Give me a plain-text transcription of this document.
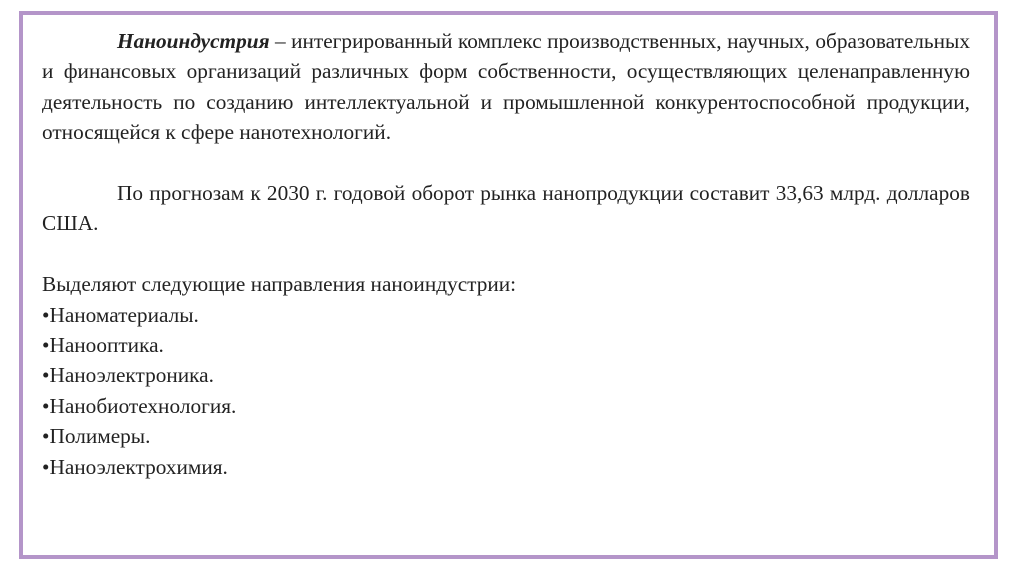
Наноиндустрия – интегрированный комплекс производственных, научных, образовательных и финансовых организаций различных форм собственности, осуществляющих целенаправленную деятельность по созданию интеллектуальной и промышленной конкурентоспособной продукции, относящейся к сфере нанотехнологий.

По прогнозам к 2030 г. годовой оборот рынка нанопродукции составит 33,63 млрд. долларов США.

Выделяют следующие направления наноиндустрии:

•Наноматериалы.
•Нанооптика.
•Наноэлектроника.
•Нанобиотехнология.
•Полимеры.
•Наноэлектрохимия.
